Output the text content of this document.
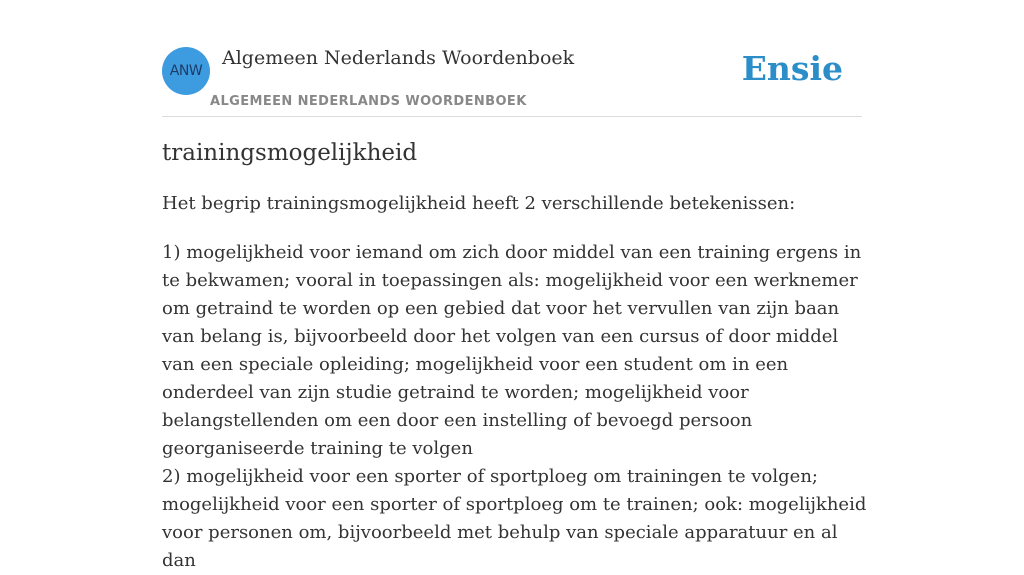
ANW
Algemeen Nederlands Woordenboek
ALGEMEEN NEDERLANDS WOORDENBOEK
Ensie
trainingsmogelijkheid

Het begrip trainingsmogelijkheid heeft 2 verschillende betekenissen:

1) mogelijkheid voor iemand om zich door middel van een training ergens in te bekwamen; vooral in toepassingen als: mogelijkheid voor een werknemer om getraind te worden op een gebied dat voor het vervullen van zijn baan van belang is, bijvoorbeeld door het volgen van een cursus of door middel van een speciale opleiding; mogelijkheid voor een student om in een onderdeel van zijn studie getraind te worden; mogelijkheid voor belangstellenden om een door een instelling of bevoegd persoon georganiseerde training te volgen

2) mogelijkheid voor een sporter of sportploeg om trainingen te volgen; mogelijkheid voor een sporter of sportploeg om te trainen; ook: mogelijkheid voor personen om, bijvoorbeeld met behulp van speciale apparatuur en al dan
